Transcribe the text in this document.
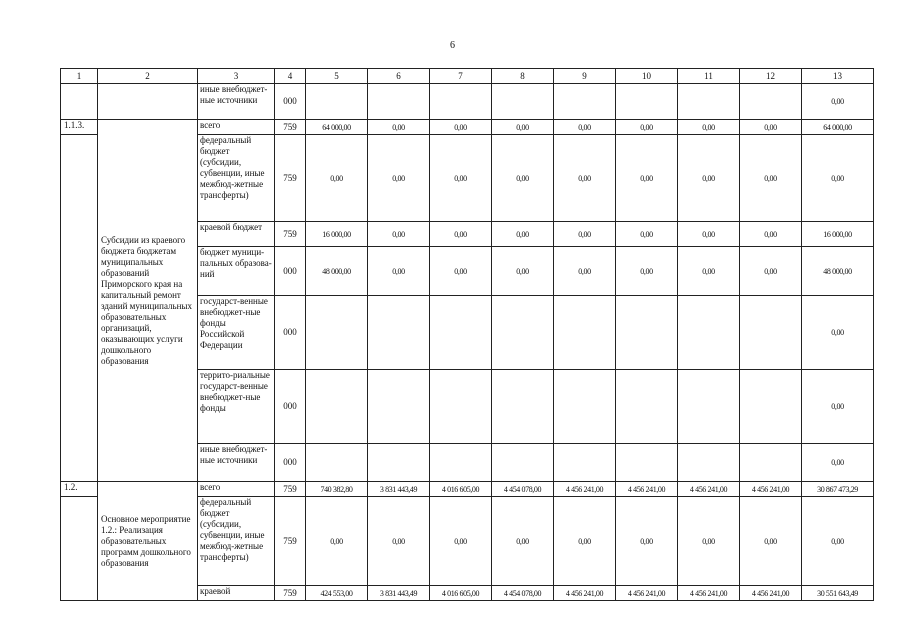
6
1	2	3	4	5	6	7	8	9	10	11	12	13
		иные внебюджет-ные источники	000									0,00
1.1.3.	Субсидии из краевого бюджета бюджетам муниципальных образований Приморского края на капитальный ремонт зданий муниципальных образовательных организаций, оказывающих услуги дошкольного образования	всего	759	64 000,00	0,00	0,00	0,00	0,00	0,00	0,00	0,00	64 000,00
		федеральный бюджет (субсидии, субвенции, иные межбюд-жетные трансферты)	759	0,00	0,00	0,00	0,00	0,00	0,00	0,00	0,00	0,00
		краевой бюджет	759	16 000,00	0,00	0,00	0,00	0,00	0,00	0,00	0,00	16 000,00
		бюджет муници-пальных образова-ний	000	48 000,00	0,00	0,00	0,00	0,00	0,00	0,00	0,00	48 000,00
		государст-венные внебюджет-ные фонды Российской Федерации	000									0,00
		террито-риальные государст-венные внебюджет-ные фонды	000									0,00
		иные внебюджет-ные источники	000									0,00
1.2.	Основное мероприятие 1.2.: Реализация образовательных программ дошкольного образования	всего	759	740 382,80	3 831 443,49	4 016 605,00	4 454 078,00	4 456 241,00	4 456 241,00	4 456 241,00	4 456 241,00	30 867 473,29
		федеральный бюджет (субсидии, субвенции, иные межбюд-жетные трансферты)	759	0,00	0,00	0,00	0,00	0,00	0,00	0,00	0,00	0,00
		краевой	759	424 553,00	3 831 443,49	4 016 605,00	4 454 078,00	4 456 241,00	4 456 241,00	4 456 241,00	4 456 241,00	30 551 643,49
